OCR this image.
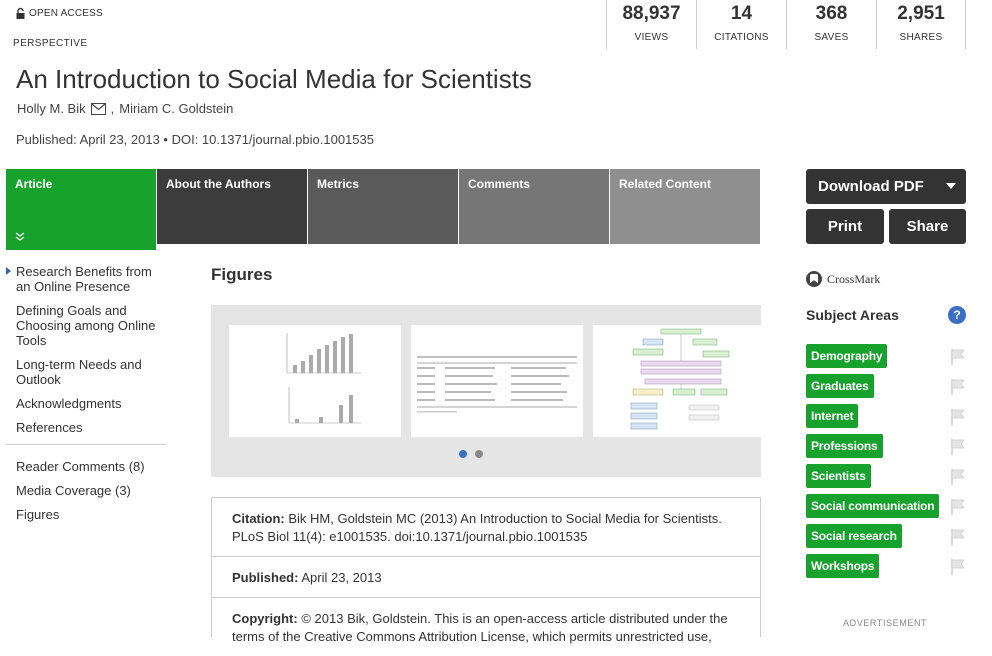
OPEN ACCESS
PERSPECTIVE
88,937
VIEWS
14
CITATIONS
368
SAVES
2,951
SHARES
An Introduction to Social Media for Scientists
Holly M. Bik , Miriam C. Goldstein
Published: April 23, 2013 • DOI: 10.1371/journal.pbio.1001535
Article	About the Authors	Metrics	Comments	Related Content	Download PDF
Print	Share
Research Benefits from an Online Presence
Defining Goals and Choosing among Online Tools
Long-term Needs and Outlook
Acknowledgments
References
Reader Comments (8)
Media Coverage (3)
Figures
Figures
Citation: Bik HM, Goldstein MC (2013) An Introduction to Social Media for Scientists. PLoS Biol 11(4): e1001535. doi:10.1371/journal.pbio.1001535
Published: April 23, 2013
Copyright: © 2013 Bik, Goldstein. This is an open-access article distributed under the terms of the Creative Commons Attribution License, which permits unrestricted use,
CrossMark
Subject Areas	?
Demography
Graduates
Internet
Professions
Scientists
Social communication
Social research
Workshops
ADVERTISEMENT
